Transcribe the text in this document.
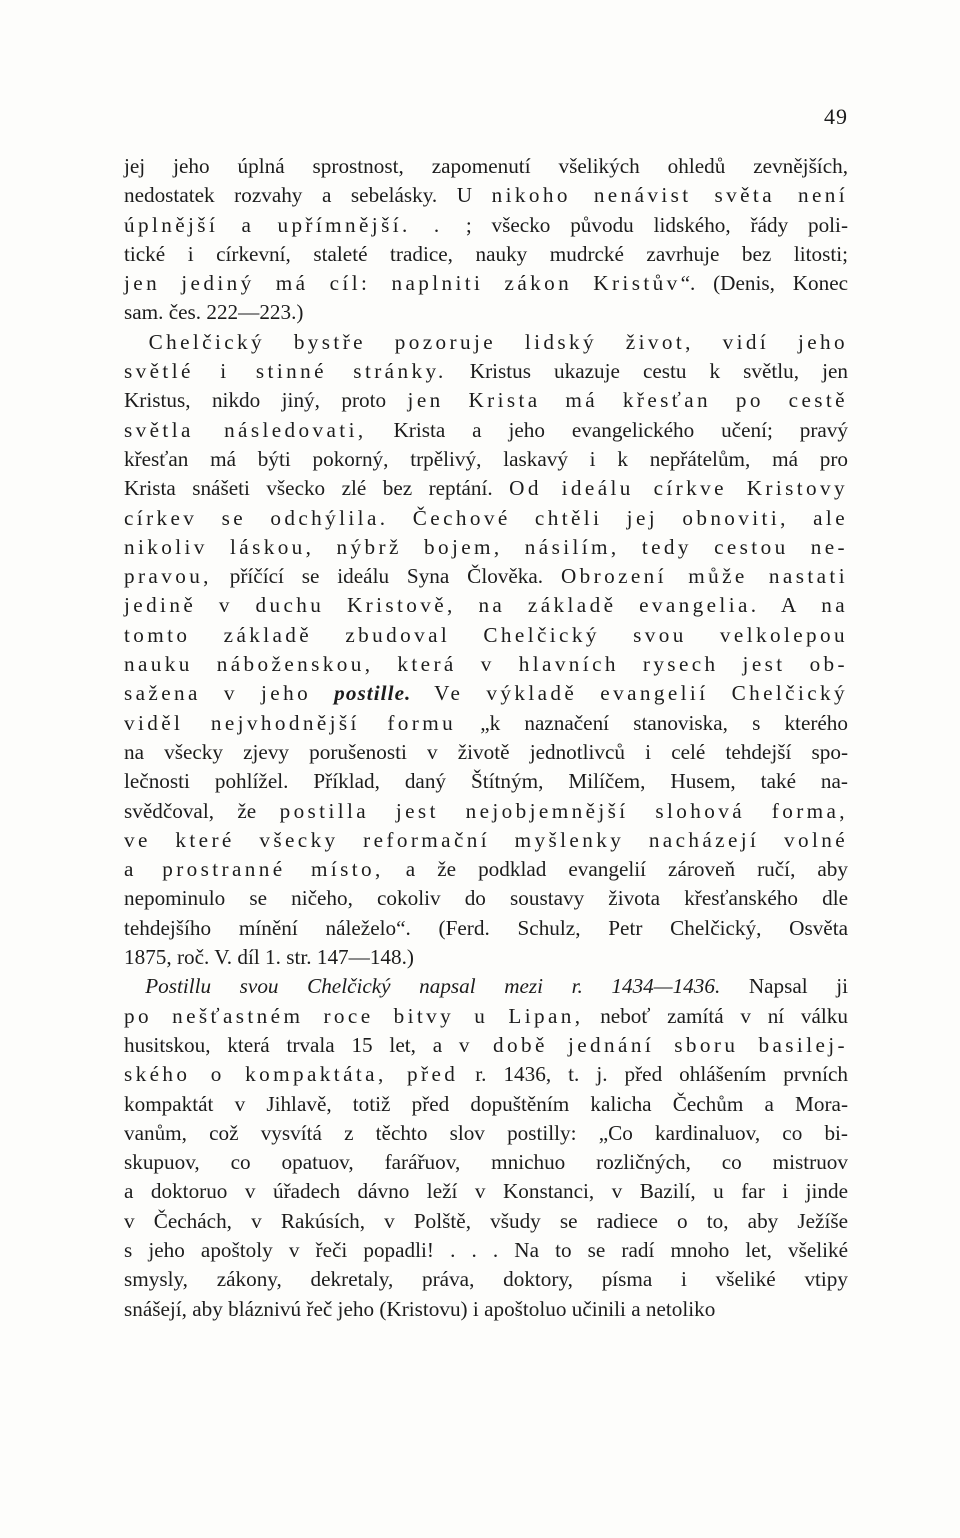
49
jej jeho úplná sprostnost, zapomenutí všelikých ohledů zevnějších,
nedostatek rozvahy a sebelásky. U nikoho nenávist světa není
úplnější a upřímnější. . ; všecko původu lidského, řády poli-
tické i církevní, staleté tradice, nauky mudrcké zavrhuje bez litosti;
jen jediný má cíl: naplniti zákon Kristův“. (Denis, Konec
sam. čes. 222—223.)
 Chelčický bystře pozoruje lidský život, vidí jeho
světlé i stinné stránky. Kristus ukazuje cestu k světlu, jen
Kristus, nikdo jiný, proto jen Krista má křesťan po cestě
světla následovati, Krista a jeho evangelického učení; pravý
křesťan má býti pokorný, trpělivý, laskavý i k nepřátelům, má pro
Krista snášeti všecko zlé bez reptání. Od ideálu církve Kristovy
církev se odchýlila. Čechové chtěli jej obnoviti, ale
nikoliv láskou, nýbrž bojem, násilím, tedy cestou ne-
pravou, příčící se ideálu Syna Člověka. Obrození může nastati
jedině v duchu Kristově, na základě evangelia. A na
tomto základě zbudoval Chelčický svou velkolepou
nauku náboženskou, která v hlavních rysech jest ob-
sažena v jeho postille. Ve výkladě evangelií Chelčický
viděl nejvhodnější formu „k naznačení stanoviska, s kterého
na všecky zjevy porušenosti v životě jednotlivců i celé tehdejší spo-
lečnosti pohlížel. Příklad, daný Štítným, Milíčem, Husem, také na-
svědčoval, že postilla jest nejobjemnější slohová forma,
ve které všecky reformační myšlenky nacházejí volné
a prostranné místo, a že podklad evangelií zároveň ručí, aby
nepominulo se ničeho, cokoliv do soustavy života křesťanského dle
tehdejšího mínění náleželo“. (Ferd. Schulz, Petr Chelčický, Osvěta
1875, roč. V. díl 1. str. 147—148.)
 Postillu svou Chelčický napsal mezi r. 1434—1436. Napsal ji
po nešťastném roce bitvy u Lipan, neboť zamítá v ní válku
husitskou, která trvala 15 let, a v době jednání sboru basilej-
ského o kompaktáta, před r. 1436, t. j. před ohlášením prvních
kompaktát v Jihlavě, totiž před dopuštěním kalicha Čechům a Mora-
vanům, což vysvítá z těchto slov postilly: „Co kardinaluov, co bi-
skupuov, co opatuov, farářuov, mnichuo rozličných, co mistruov
a doktoruo v úřadech dávno leží v Konstanci, v Bazilí, u far i jinde
v Čechách, v Rakúsích, v Polště, všudy se radiece o to, aby Ježíše
s jeho apoštoly v řeči popadli! . . . Na to se radí mnoho let, všeliké
smysly, zákony, dekretaly, práva, doktory, písma i všeliké vtipy
snášejí, aby bláznivú řeč jeho (Kristovu) i apoštoluo učinili a netoliko
